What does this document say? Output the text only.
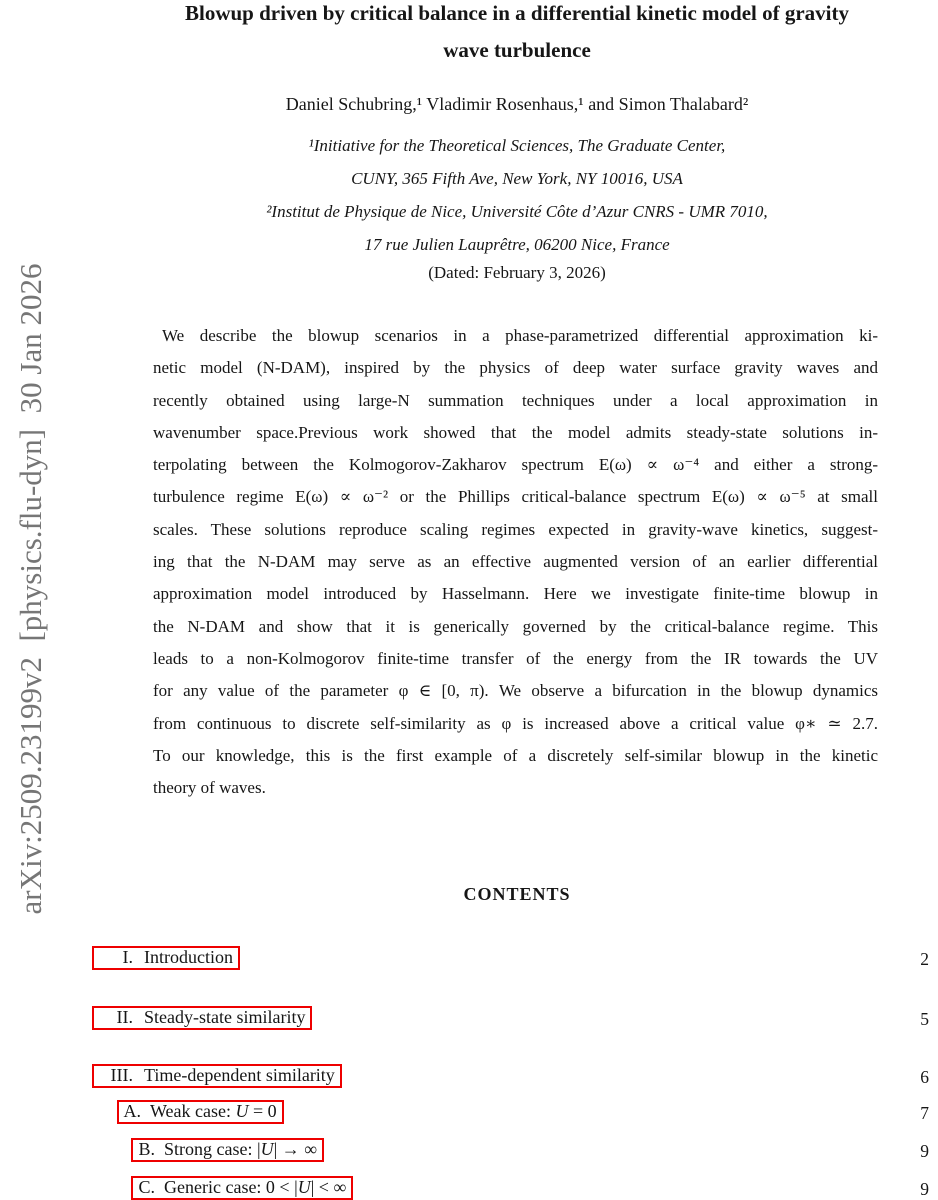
arXiv:2509.23199v2  [physics.flu-dyn]  30 Jan 2026
Blowup driven by critical balance in a differential kinetic model of gravity
wave turbulence
Daniel Schubring,¹ Vladimir Rosenhaus,¹ and Simon Thalabard²
¹Initiative for the Theoretical Sciences, The Graduate Center,
CUNY, 365 Fifth Ave, New York, NY 10016, USA
²Institut de Physique de Nice, Université Côte d’Azur CNRS - UMR 7010,
17 rue Julien Lauprêtre, 06200 Nice, France
(Dated: February 3, 2026)
We describe the blowup scenarios in a phase-parametrized differential approximation ki-
netic model (N-DAM), inspired by the physics of deep water surface gravity waves and
recently obtained using large-N summation techniques under a local approximation in
wavenumber space.Previous work showed that the model admits steady-state solutions in-
terpolating between the Kolmogorov-Zakharov spectrum E(ω) ∝ ω⁻⁴ and either a strong-
turbulence regime E(ω) ∝ ω⁻² or the Phillips critical-balance spectrum E(ω) ∝ ω⁻⁵ at small
scales. These solutions reproduce scaling regimes expected in gravity-wave kinetics, suggest-
ing that the N-DAM may serve as an effective augmented version of an earlier differential
approximation model introduced by Hasselmann. Here we investigate finite-time blowup in
the N-DAM and show that it is generically governed by the critical-balance regime. This
leads to a non-Kolmogorov finite-time transfer of the energy from the IR towards the UV
for any value of the parameter φ ∈ [0, π). We observe a bifurcation in the blowup dynamics
from continuous to discrete self-similarity as φ is increased above a critical value φ∗ ≃ 2.7.
To our knowledge, this is the first example of a discretely self-similar blowup in the kinetic
theory of waves.
CONTENTS
I. Introduction	2
II. Steady-state similarity	5
III. Time-dependent similarity	6
A. Weak case: U = 0	7
B. Strong case: |U| → ∞	9
C. Generic case: 0 < |U| < ∞	9
